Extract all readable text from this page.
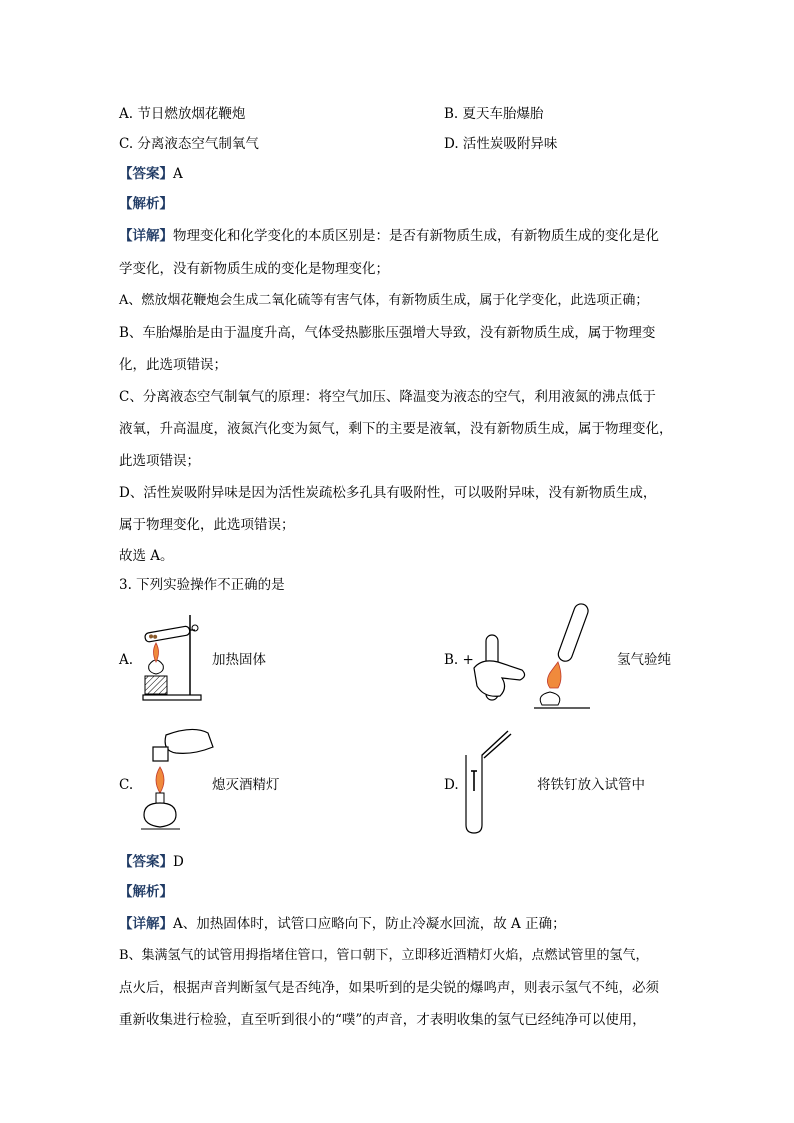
A. 节日燃放烟花鞭炮	B. 夏天车胎爆胎
C. 分离液态空气制氧气	D. 活性炭吸附异味
【答案】A
【解析】
【详解】物理变化和化学变化的本质区别是：是否有新物质生成，有新物质生成的变化是化
学变化，没有新物质生成的变化是物理变化；
A、燃放烟花鞭炮会生成二氧化硫等有害气体，有新物质生成，属于化学变化，此选项正确；
B、车胎爆胎是由于温度升高，气体受热膨胀压强增大导致，没有新物质生成，属于物理变
化，此选项错误；
C、分离液态空气制氧气的原理：将空气加压、降温变为液态的空气，利用液氮的沸点低于
液氧，升高温度，液氮汽化变为氮气，剩下的主要是液氧，没有新物质生成，属于物理变化，
此选项错误；
D、活性炭吸附异味是因为活性炭疏松多孔具有吸附性，可以吸附异味，没有新物质生成，
属于物理变化，此选项错误；
故选 A。
3. 下列实验操作不正确的是
A.	加热固体	B. +	氢气验纯
C.	熄灭酒精灯	D.	将铁钉放入试管中
【答案】D
【解析】
【详解】A、加热固体时，试管口应略向下，防止冷凝水回流，故 A 正确；
B、集满氢气的试管用拇指堵住管口，管口朝下，立即移近酒精灯火焰，点燃试管里的氢气，
点火后，根据声音判断氢气是否纯净，如果听到的是尖锐的爆鸣声，则表示氢气不纯，必须
重新收集进行检验，直至听到很小的“噗”的声音，才表明收集的氢气已经纯净可以使用，
